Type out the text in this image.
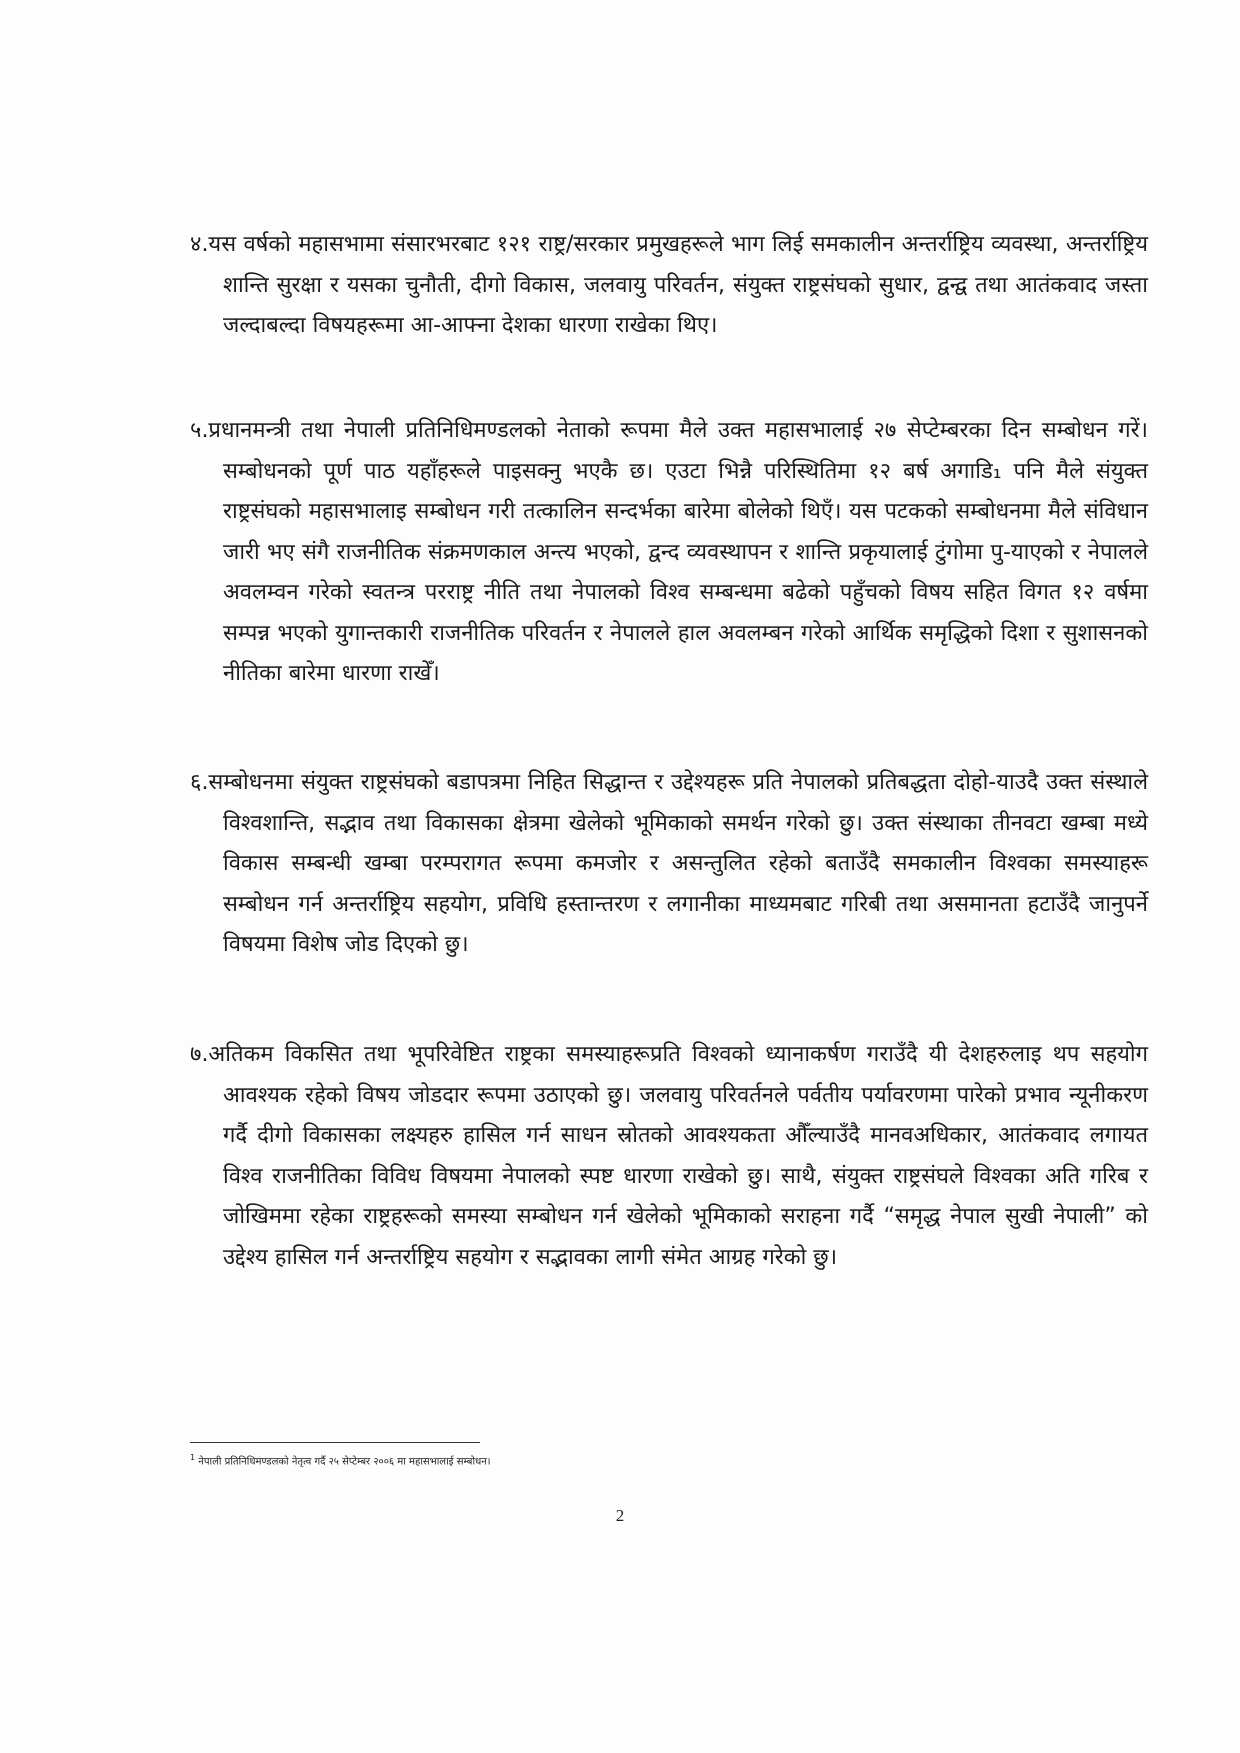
४.यस वर्षको महासभामा संसारभरबाट १२१ राष्ट्र/सरकार प्रमुखहरूले भाग लिई समकालीन अन्तर्राष्ट्रिय व्यवस्था, अन्तर्राष्ट्रिय शान्ति सुरक्षा र यसका चुनौती, दीगो विकास, जलवायु परिवर्तन, संयुक्त राष्ट्रसंघको सुधार, द्वन्द्व तथा आतंकवाद जस्ता जल्दाबल्दा विषयहरूमा आ-आफ्ना देशका धारणा राखेका थिए।

५.प्रधानमन्त्री तथा नेपाली प्रतिनिधिमण्डलको नेताको रूपमा मैले उक्त महासभालाई २७ सेप्टेम्बरका दिन सम्बोधन गरें। सम्बोधनको पूर्ण पाठ यहाँहरूले पाइसक्नु भएकै छ। एउटा भिन्नै परिस्थितिमा १२ बर्ष अगाडि₁ पनि मैले संयुक्त राष्ट्रसंघको महासभालाइ सम्बोधन गरी तत्कालिन सन्दर्भका बारेमा बोलेको थिएँ। यस पटकको सम्बोधनमा मैले संविधान जारी भए संगै राजनीतिक संक्रमणकाल अन्त्य भएको, द्वन्द व्यवस्थापन र शान्ति प्रकृयालाई टुंगोमा पु-याएको र नेपालले अवलम्वन गरेको स्वतन्त्र परराष्ट्र नीति तथा नेपालको विश्व सम्बन्धमा बढेको पहुँचको विषय सहित विगत १२ वर्षमा सम्पन्न भएको युगान्तकारी राजनीतिक परिवर्तन र नेपालले हाल अवलम्बन गरेको आर्थिक समृद्धिको दिशा र सुशासनको नीतिका बारेमा धारणा राखेँ।

६.सम्बोधनमा संयुक्त राष्ट्रसंघको बडापत्रमा निहित सिद्धान्त र उद्देश्यहरू प्रति नेपालको प्रतिबद्धता दोहो-याउदै उक्त संस्थाले विश्वशान्ति, सद्भाव तथा विकासका क्षेत्रमा खेलेको भूमिकाको समर्थन गरेको छु। उक्त संस्थाका तीनवटा खम्बा मध्ये विकास सम्बन्धी खम्बा परम्परागत रूपमा कमजोर र असन्तुलित रहेको बताउँदै समकालीन विश्वका समस्याहरू सम्बोधन गर्न अन्तर्राष्ट्रिय सहयोग, प्रविधि हस्तान्तरण र लगानीका माध्यमबाट गरिबी तथा असमानता हटाउँदै जानुपर्ने विषयमा विशेष जोड दिएको छु।

७.अतिकम विकसित तथा भूपरिवेष्टित राष्ट्रका समस्याहरूप्रति विश्वको ध्यानाकर्षण गराउँदै यी देशहरुलाइ थप सहयोग आवश्यक रहेको विषय जोडदार रूपमा उठाएको छु। जलवायु परिवर्तनले पर्वतीय पर्यावरणमा पारेको प्रभाव न्यूनीकरण गर्दै दीगो विकासका लक्ष्यहरु हासिल गर्न साधन स्रोतको आवश्यकता औँल्याउँदै मानवअधिकार, आतंकवाद लगायत विश्व राजनीतिका विविध विषयमा नेपालको स्पष्ट धारणा राखेको छु। साथै, संयुक्त राष्ट्रसंघले विश्वका अति गरिब र जोखिममा रहेका राष्ट्रहरूको समस्या सम्बोधन गर्न खेलेको भूमिकाको सराहना गर्दै “समृद्ध नेपाल सुखी नेपाली” को उद्देश्य हासिल गर्न अन्तर्राष्ट्रिय सहयोग र सद्भावका लागी संमेत आग्रह गरेको छु।

$^1$ नेपाली प्रतिनिधिमण्डलको नेतृत्व गर्दै २५ सेप्टेम्बर २००६ मा महासभालाई सम्बोधन।
2
